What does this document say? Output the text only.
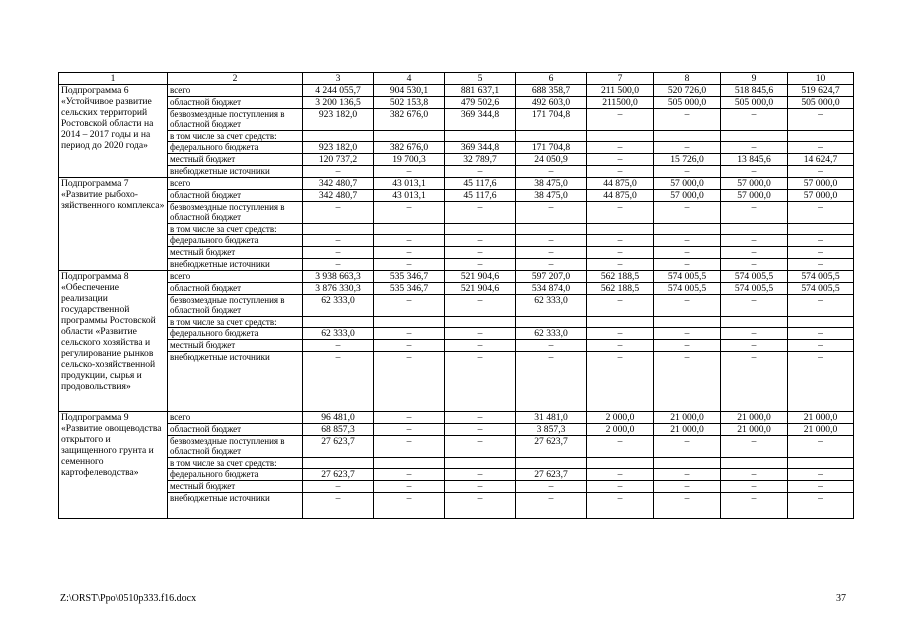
1	2	3	4	5	6	7	8	9	10
Подпрограмма 6 «Устойчивое развитие сельских территорий Ростовской области на 2014 – 2017 годы и на период до 2020 года»	всего	4 244 055,7	904 530,1	881 637,1	688 358,7	211 500,0	520 726,0	518 845,6	519 624,7
	областной бюджет	3 200 136,5	502 153,8	479 502,6	492 603,0	211500,0	505 000,0	505 000,0	505 000,0
	безвозмездные поступления в областной бюджет	923 182,0	382 676,0	369 344,8	171 704,8	–	–	–	–
	в том числе за счет средств:								
	федерального бюджета	923 182,0	382 676,0	369 344,8	171 704,8	–	–	–	–
	местный бюджет	120 737,2	19 700,3	32 789,7	24 050,9	–	15 726,0	13 845,6	14 624,7
	внебюджетные источники	–	–	–	–	–	–	–	–
Подпрограмма 7 «Развитие рыбохо-зяйственного комплекса»	всего	342 480,7	43 013,1	45 117,6	38 475,0	44 875,0	57 000,0	57 000,0	57 000,0
	областной бюджет	342 480,7	43 013,1	45 117,6	38 475,0	44 875,0	57 000,0	57 000,0	57 000,0
	безвозмездные поступления в областной бюджет	–	–	–	–	–	–	–	–
	в том числе за счет средств:								
	федерального бюджета	–	–	–	–	–	–	–	–
	местный бюджет	–	–	–	–	–	–	–	–
	внебюджетные источники	–	–	–	–	–	–	–	–
Подпрограмма 8 «Обеспечение реализации государственной программы Ростовской области «Развитие сельского хозяйства и регулирование рынков сельско-хозяйственной продукции, сырья и продовольствия»	всего	3 938 663,3	535 346,7	521 904,6	597 207,0	562 188,5	574 005,5	574 005,5	574 005,5
	областной бюджет	3 876 330,3	535 346,7	521 904,6	534 874,0	562 188,5	574 005,5	574 005,5	574 005,5
	безвозмездные поступления в областной бюджет	62 333,0	–	–	62 333,0	–	–	–	–
	в том числе за счет средств:								
	федерального бюджета	62 333,0	–	–	62 333,0	–	–	–	–
	местный бюджет	–	–	–	–	–	–	–	–
	внебюджетные источники	–	–	–	–	–	–	–	–
Подпрограмма 9 «Развитие овощеводства открытого и защищенного грунта и семенного картофелеводства»	всего	96 481,0	–	–	31 481,0	2 000,0	21 000,0	21 000,0	21 000,0
	областной бюджет	68 857,3	–	–	3 857,3	2 000,0	21 000,0	21 000,0	21 000,0
	безвозмездные поступления в областной бюджет	27 623,7	–	–	27 623,7	–	–	–	–
	в том числе за счет средств:								
	федерального бюджета	27 623,7	–	–	27 623,7	–	–	–	–
	местный бюджет	–	–	–	–	–	–	–	–
	внебюджетные источники	–	–	–	–	–	–	–	–
Z:\ORST\Ppo\0510p333.f16.docx	37
